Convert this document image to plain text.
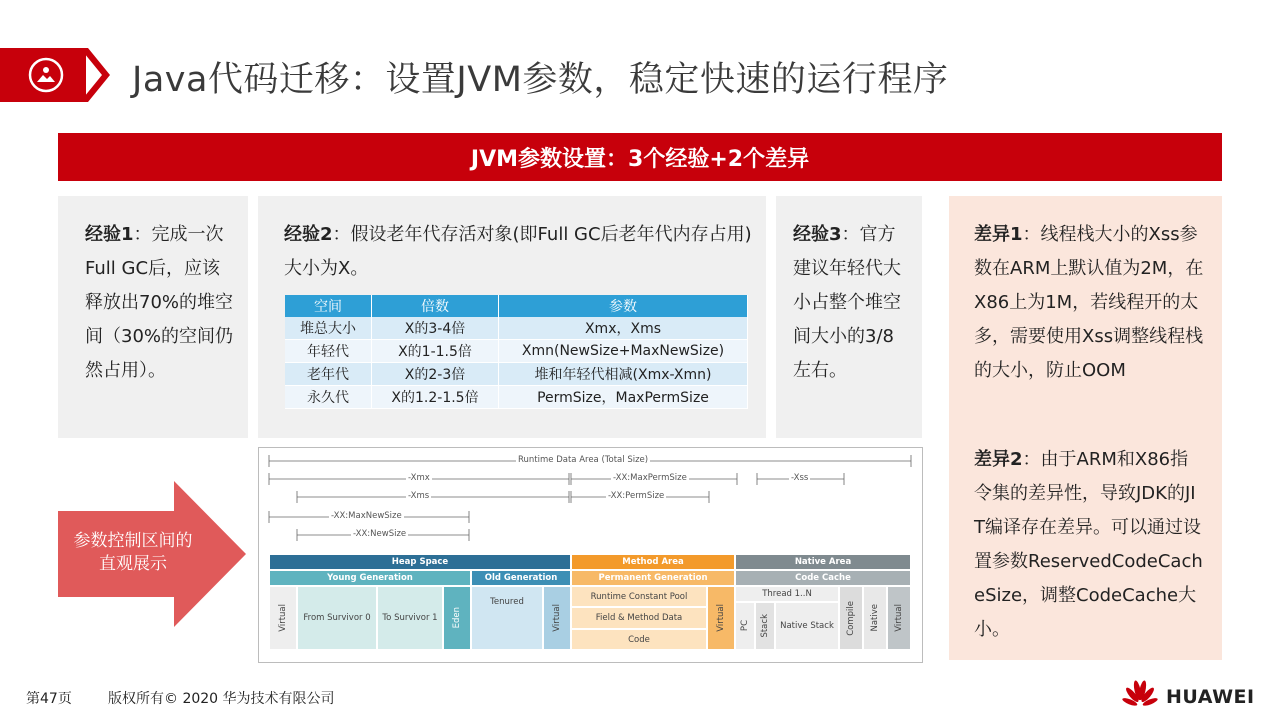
Java代码迁移：设置JVM参数，稳定快速的运行程序
JVM参数设置：3个经验+2个差异
经验1：完成一次Full GC后，应该释放出70%的堆空间（30%的空间仍然占用）。
经验2：假设老年代存活对象(即Full GC后老年代内存占用) 大小为X。
空间	倍数	参数
堆总大小	X的3-4倍	Xmx，Xms
年轻代	X的1-1.5倍	Xmn(NewSize+MaxNewSize)
老年代	X的2-3倍	堆和年轻代相减(Xmx-Xmn)
永久代	X的1.2-1.5倍	PermSize，MaxPermSize
经验3：官方建议年轻代大小占整个堆空间大小的3/8左右。
差异1：线程栈大小的Xss参数在ARM上默认值为2M，在X86上为1M，若线程开的太多，需要使用Xss调整线程栈的大小，防止OOM
差异2：由于ARM和X86指令集的差异性，导致JDK的JIT编译存在差异。可以通过设置参数ReservedCodeCacheSize，调整CodeCache大小。
参数控制区间的
直观展示
Runtime Data Area (Total Size)
-Xmx	-XX:MaxPermSize	-Xss
-Xms	-XX:PermSize
-XX:MaxNewSize
-XX:NewSize
Heap Space	Method Area	Native Area
Young Generation	Old Generation	Permanent Generation	Code Cache
Virtual	From Survivor 0	To Survivor 1	Eden
Tenured
Virtual
Runtime Constant Pool
Field & Method Data
Code
Virtual
Thread 1..N
PC Stack	Native Stack	Compile Native Virtual
第47页	版权所有© 2020 华为技术有限公司	HUAWEI
